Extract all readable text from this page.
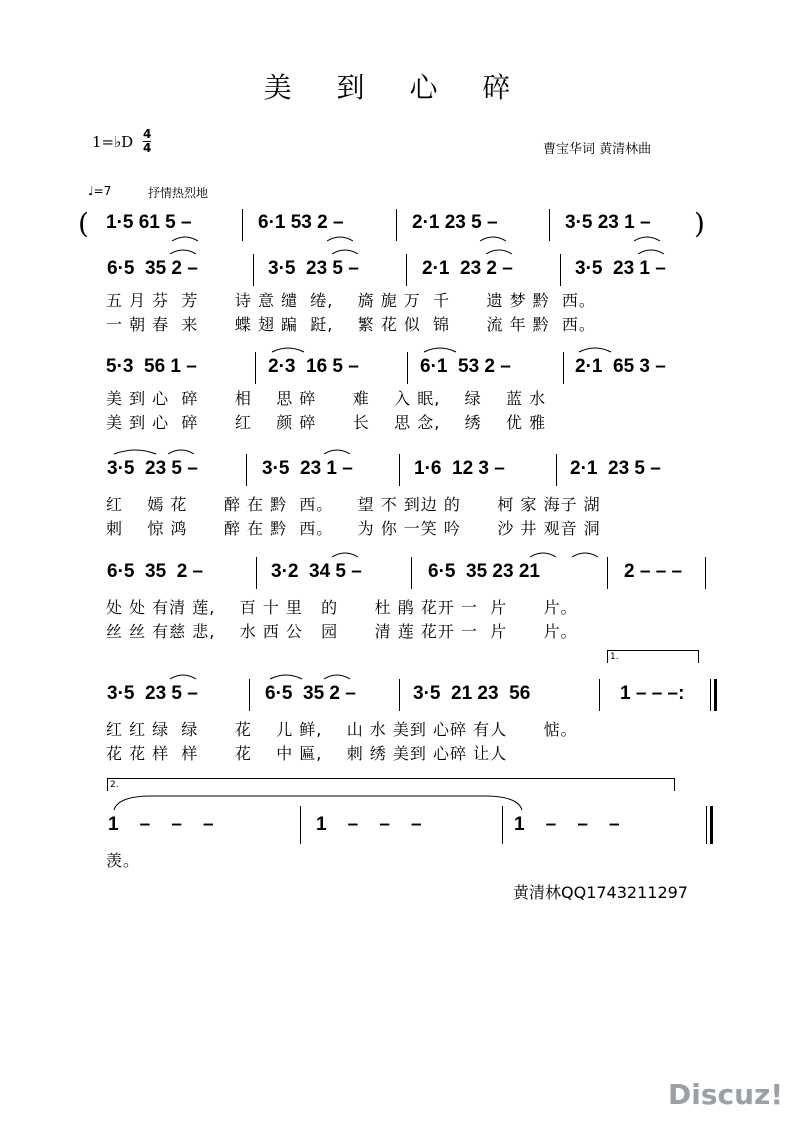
美 到 心 碎
1=♭D 4
4	曹宝华词 黄清林曲
♩=7	抒情热烈地
(	)
1·5 61 5 –	6·1 53 2 –	2·1 23 5 –	3·5 23 1 –
6·5  35 2 –	3·5  23 5 –	2·1  23 2 –	3·5  23 1 –
五 月 芬  芳      诗 意 缱  绻,    旖 旎 万  千      遗 梦 黔  西。
一 朝 春  来      蝶 翅 蹁  跹,    繁 花 似  锦      流 年 黔  西。
5·3  56 1 –	2·3  16 5 –	6·1  53 2 –	2·1  65 3 –
美 到 心  碎      相    思 碎      难    入 眠,    绿    蓝 水
美 到 心  碎      红    颜 碎      长    思 念,    绣    优 雅
3·5  23 5 –	3·5  23 1 –	1·6  12 3 –	2·1  23 5 –
红    嫣 花      醉 在 黔  西。    望 不 到边 的      柯 家 海子 湖
刺    惊 鸿      醉 在 黔  西。    为 你 一笑 吟      沙 井 观音 洞
6·5  35  2 –	3·2  34 5 –	6·5  35 23 21	2 – – –
处 处 有清 莲,    百 十 里   的      杜 鹃 花开 一  片      片。
丝 丝 有慈 悲,    水 西 公   园      清 莲 花开 一  片      片。
1.
3·5  23 5 –	6·5  35 2 –	3·5  21 23  56	1 – – –:
红 红 绿  绿      花    儿 鲜,    山 水 美到 心碎 有人      惦。
花 花 样  样      花    中 匾,    刺 绣 美到 心碎 让人
2.
1    –    –    –	1    –    –    –	1    –    –    –
羡。
黄清林QQ1743211297
Discuz!
